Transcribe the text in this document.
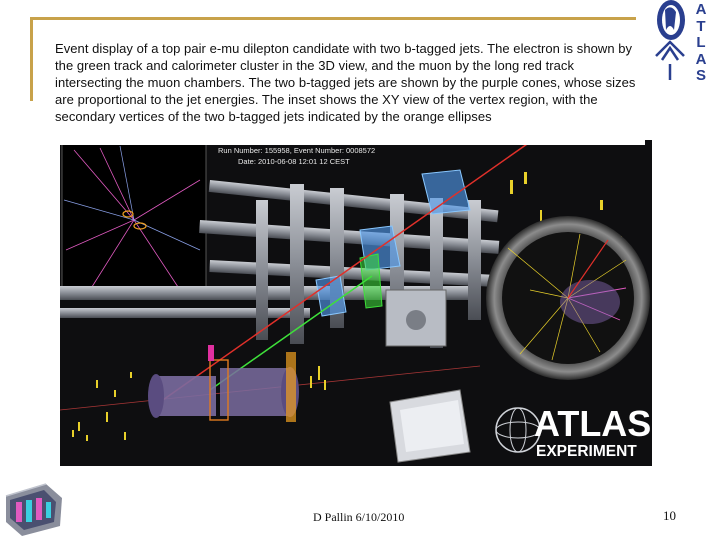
A
T
L
A
S
Run Number: 155958, Event Number: 0008572
Date: 2010-06-08 12:01 12 CEST
ATLAS
EXPERIMENT
Event display of a top pair e-mu dilepton candidate with two b-tagged jets. The electron is shown by the green track and calorimeter cluster in the 3D view, and the muon by the long red track intersecting the muon chambers. The two b-tagged jets are shown by the purple cones, whose sizes are proportional to the jet energies. The inset shows the XY view of the vertex region, with the secondary vertices of the two b-tagged jets indicated by the orange ellipses
D Pallin 6/10/2010	10
